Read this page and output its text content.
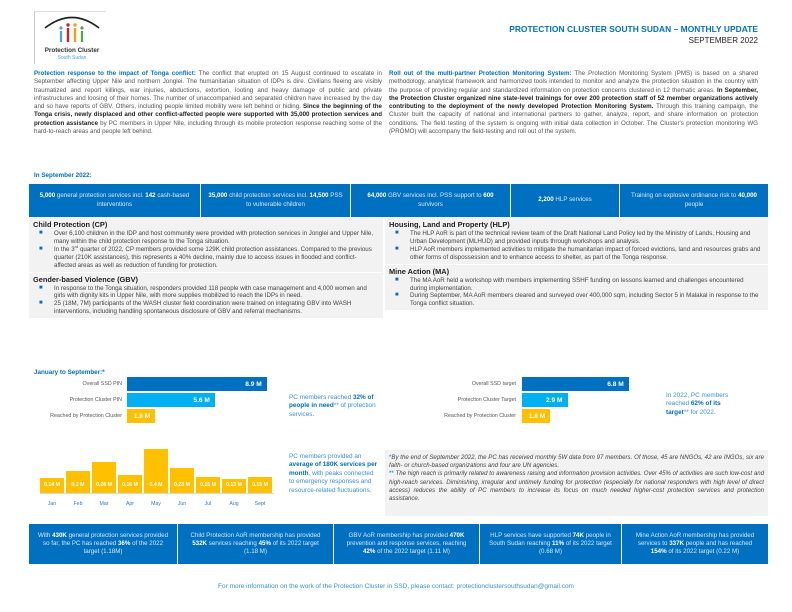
Protection Cluster
South Sudan
PROTECTION CLUSTER SOUTH SUDAN – MONTHLY UPDATE
SEPTEMBER 2022
Protection response to the impact of Tonga conflict: The conflict that erupted on 15 August continued to escalate in September affecting Upper Nile and northern Jonglei. The humanitarian situation of IDPs is dire. Civilians fleeing are visibly traumatized and report killings, war injuries, abductions, extortion, looting and heavy damage of public and private infrastructures and loosing of their homes. The number of unaccompanied and separated children have increased by the day and so have reports of GBV. Others, including people limited mobility were left behind or hiding. Since the beginning of the Tonga crisis, newly displaced and other conflict-affected people were supported with 35,000 protection services and protection assistance by PC members in Upper Nile, including through its mobile protection response reaching some of the hard-to-reach areas and people left behind.
Roll out of the multi-partner Protection Monitoring System: The Protection Monitoring System (PMS) is based on a shared methodology, analytical framework and harmonized tools intended to monitor and analyze the protection situation in the country with the purpose of providing regular and standardized information on protection concerns clustered in 12 thematic areas. In September, the Protection Cluster organized nine state-level trainings for over 200 protection staff of 52 member organizations actively contributing to the deployment of the newly developed Protection Monitoring System. Through this training campaign, the Cluster built the capacity of national and international partners to gather, analyze, report, and share information on protection conditions. The field testing of the system is ongoing with initial data collection in October. The Cluster's protection monitoring WG (PROMO) will accompany the field-testing and roll out of the system.
In September 2022:
5,000 general protection services incl. 142 cash-based interventions
35,000 child protection services incl. 14,500 PSS to vulnerable children
64,000 GBV services incl. PSS support to 600 survivors
2,200 HLP services
Training on explosive ordinance risk to 40,000 people
Child Protection (CP)
■ Over 6,100 children in the IDP and host community were provided with protection services in Jonglei and Upper Nile, many within the child protection response to the Tonga situation.
■ In the 3rd quarter of 2022, CP members provided some 129K child protection assistances. Compared to the previous quarter (210K assistances), this represents a 40% decline, mainly due to access issues in flooded and conflict-affected areas as well as reduction of funding for protection.
Gender-based Violence (GBV)
■ In response to the Tonga situation, responders provided 118 people with case management and 4,000 women and girls with dignity kits in Upper Nile, with more supplies mobilized to reach the IDPs in need.
■ 25 (18M, 7M) participants of the WASH cluster field coordination were trained on integrating GBV into WASH interventions, including handling spontaneous disclosure of GBV and referral mechanisms.
Housing, Land and Property (HLP)
■ The HLP AoR is part of the technical review team of the Draft National Land Policy led by the Ministry of Lands, Housing and Urban Development (MLHUD) and provided inputs through workshops and analysis.
■ HLP AoR members implemented activities to mitigate the humanitarian impact of forced evictions, land and resources grabs and other forms of dispossession and to enhance access to shelter, as part of the Tonga response.
Mine Action (MA)
■ The MA AoR held a workshop with members implementing SSHF funding on lessons learned and challenges encountered during implementation.
■ During September, MA AoR members cleared and surveyed over 400,000 sqm, including Sector 5 in Malakal in response to the Tonga conflict situation.
January to September:*
Overall SSD PIN	8.9 M
Protection Cluster PIN	5.6 M
Reached by Protection Cluster 1.8 M
Overall SSD target	6.8 M
Protection Cluster Target	2.9 M
Reached by Protection Cluster 1.8 M
PC members reached 32% of people in need** of protection services.
In 2022, PC members reached 62% of its target** for 2022.
0.14 M
Jan
0.2 M
Feb
0.28 M
Mar
0.16 M
Apr
0.4 M
May
0.23 M
Jun
0.15 M
Jul
0.13 M
Aug
0.15 M
Sept
PC members provided an average of 180K services per month, with peaks connected to emergency responses and resource-related fluctuations.
*By the end of September 2022, the PC has received monthly 5W data from 97 members. Of those, 45 are NNGOs, 42 are INGOs, six are faith- or church-based organizations and four are UN agencies.
** The high reach is primarily related to awareness raising and information provision activities. Over 45% of activities are such low-cost and high-reach services. Diminishing, irregular and untimely funding for protection (especially for national responders with high level of direct access) reduces the ability of PC members to increase its focus on much needed higher-cost protection services and protection assistance.
With 430K general protection services provided so far, the PC has reached 36% of the 2022 target (1.18M)
Child Protection AoR membership has provided 532K services reaching 45% of its 2022 target (1.18 M)
GBV AoR membership has provided 470K prevention and response services, reaching 42% of the 2022 target (1.11 M)
HLP services have supported 74K people in South Sudan reaching 11% of its 2022 target (0.68 M)
Mine Action AoR membership has provided services to 337K people and has reached 154% of its 2022 target (0.22 M)
For more information on the work of the Protection Cluster in SSD, please contact: protectionclustersouthsudan@gmail.com
